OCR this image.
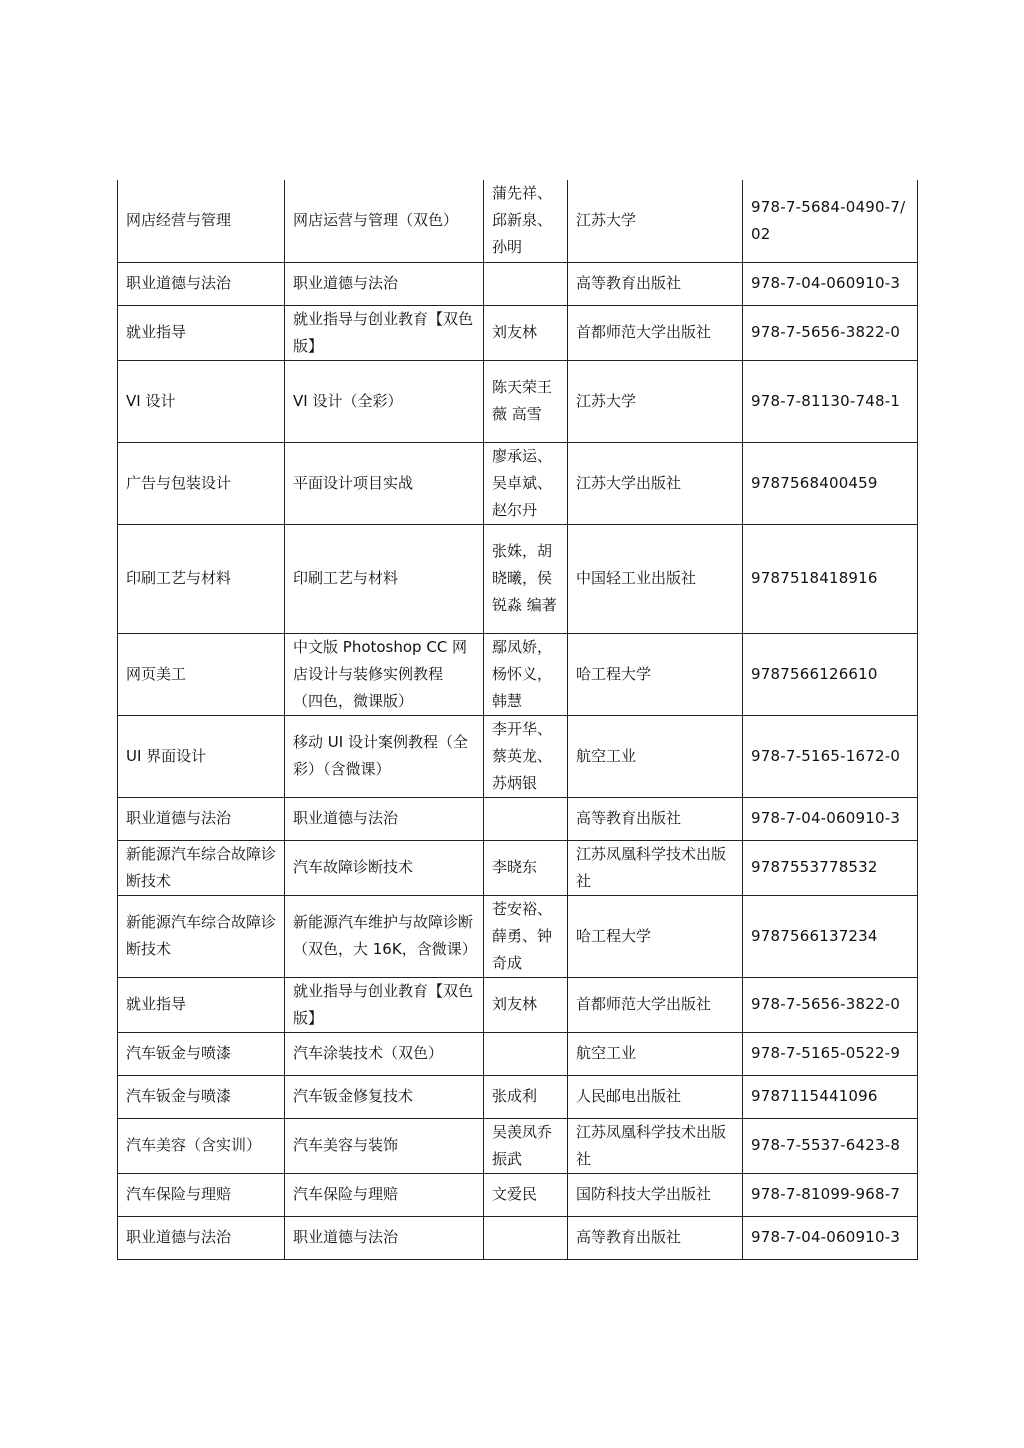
网店经营与管理	网店运营与管理（双色）	蒲先祥、邱新泉、孙明	江苏大学	978-7-5684-0490-7/02
职业道德与法治	职业道德与法治		高等教育出版社	978-7-04-060910-3
就业指导	就业指导与创业教育【双色版】	刘友林	首都师范大学出版社	978-7-5656-3822-0
VI 设计	VI 设计（全彩）	陈天荣王薇 高雪	江苏大学	978-7-81130-748-1
广告与包装设计	平面设计项目实战	廖承运、吴卓斌、赵尔丹	江苏大学出版社	9787568400459
印刷工艺与材料	印刷工艺与材料	张姝，胡晓曦，侯锐淼 编著	中国轻工业出版社	9787518418916
网页美工	中文版 Photoshop CC 网店设计与装修实例教程 （四色，微课版）	鄢凤娇，杨怀义，韩慧	哈工程大学	9787566126610
UI 界面设计	移动 UI 设计案例教程（全彩）（含微课）	李开华、蔡英龙、苏炳银	航空工业	978-7-5165-1672-0
职业道德与法治	职业道德与法治		高等教育出版社	978-7-04-060910-3
新能源汽车综合故障诊断技术	汽车故障诊断技术	李晓东	江苏凤凰科学技术出版社	9787553778532
新能源汽车综合故障诊断技术	新能源汽车维护与故障诊断（双色，大 16K，含微课）	苍安裕、薛勇、钟奇成	哈工程大学	9787566137234
就业指导	就业指导与创业教育【双色版】	刘友林	首都师范大学出版社	978-7-5656-3822-0
汽车钣金与喷漆	汽车涂装技术（双色）		航空工业	978-7-5165-0522-9
汽车钣金与喷漆	汽车钣金修复技术	张成利	人民邮电出版社	9787115441096
汽车美容（含实训）	汽车美容与装饰	吴羡凤乔振武	江苏凤凰科学技术出版社	978-7-5537-6423-8
汽车保险与理赔	汽车保险与理赔	文爱民	国防科技大学出版社	978-7-81099-968-7
职业道德与法治	职业道德与法治		高等教育出版社	978-7-04-060910-3
